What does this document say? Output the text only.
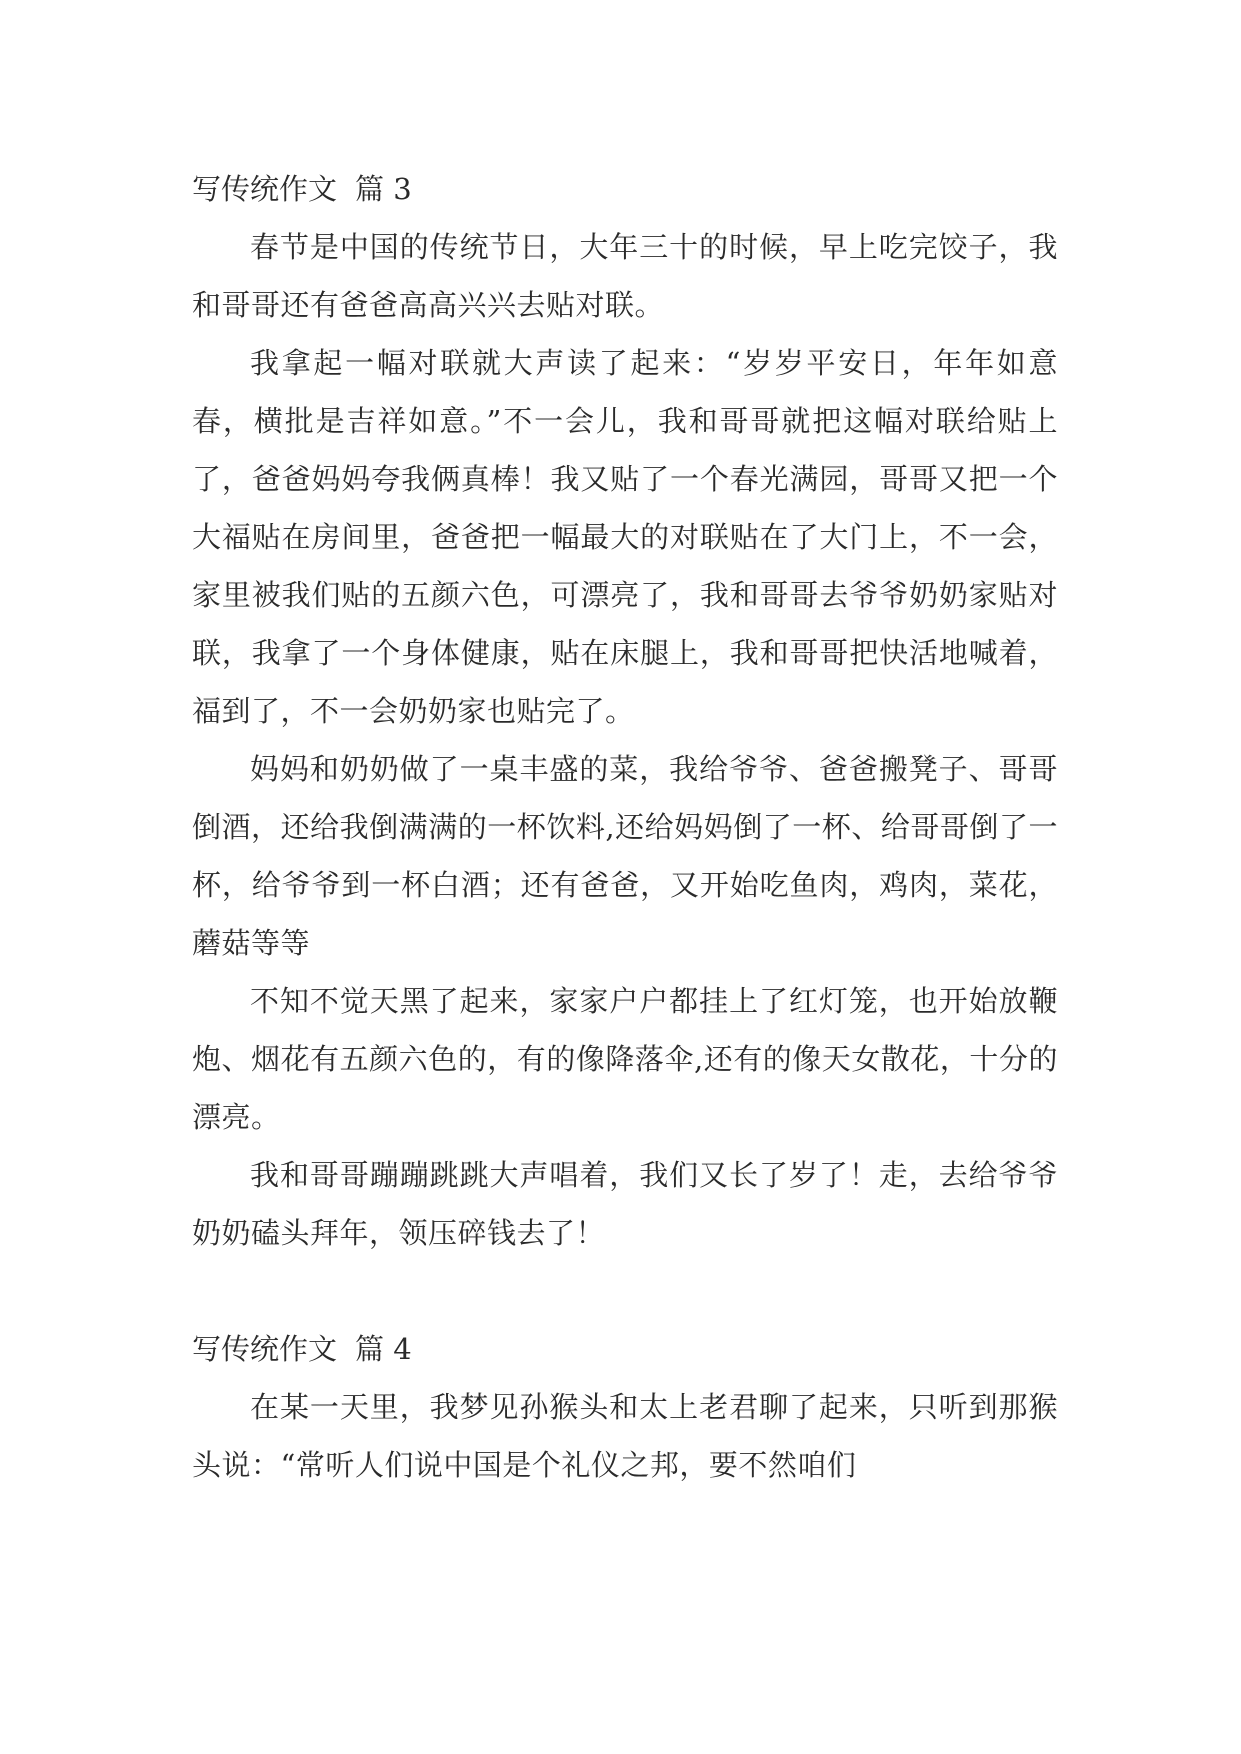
写传统作文 篇 3

春节是中国的传统节日，大年三十的时候，早上吃完饺子，我和哥哥还有爸爸高高兴兴去贴对联。

我拿起一幅对联就大声读了起来：“岁岁平安日，年年如意春，横批是吉祥如意。”不一会儿，我和哥哥就把这幅对联给贴上了，爸爸妈妈夸我俩真棒！我又贴了一个春光满园，哥哥又把一个大福贴在房间里，爸爸把一幅最大的对联贴在了大门上，不一会，家里被我们贴的五颜六色，可漂亮了，我和哥哥去爷爷奶奶家贴对联，我拿了一个身体健康，贴在床腿上，我和哥哥把快活地喊着，福到了，不一会奶奶家也贴完了。

妈妈和奶奶做了一桌丰盛的菜，我给爷爷、爸爸搬凳子、哥哥倒酒，还给我倒满满的一杯饮料,还给妈妈倒了一杯、给哥哥倒了一杯，给爷爷到一杯白酒；还有爸爸，又开始吃鱼肉，鸡肉，菜花，蘑菇等等

不知不觉天黑了起来，家家户户都挂上了红灯笼，也开始放鞭炮、烟花有五颜六色的，有的像降落伞,还有的像天女散花，十分的漂亮。

我和哥哥蹦蹦跳跳大声唱着，我们又长了岁了！走，去给爷爷奶奶磕头拜年，领压碎钱去了！

写传统作文 篇 4

在某一天里，我梦见孙猴头和太上老君聊了起来，只听到那猴头说：“常听人们说中国是个礼仪之邦，要不然咱们
